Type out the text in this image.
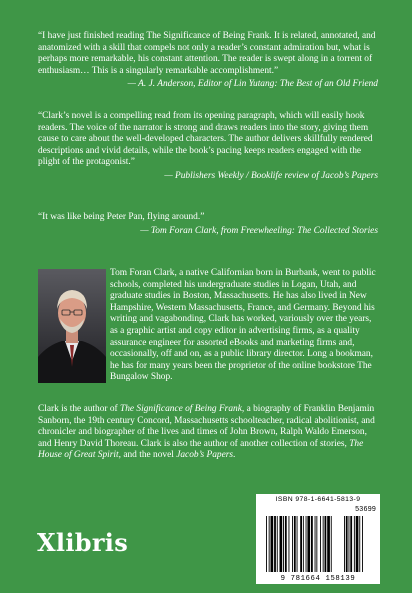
“I have just finished reading The Significance of Being Frank. It is related, annotated, and anatomized with a skill that compels not only a reader’s constant admiration but, what is perhaps more remarkable, his constant attention. The reader is swept along in a torrent of enthusiasm… This is a singularly remarkable accomplishment.”

— A. J. Anderson, Editor of Lin Yutang: The Best of an Old Friend

“Clark’s novel is a compelling read from its opening paragraph, which will easily hook readers. The voice of the narrator is strong and draws readers into the story, giving them cause to care about the well-developed characters. The author delivers skillfully rendered descriptions and vivid details, while the book’s pacing keeps readers engaged with the plight of the protagonist.”

— Publishers Weekly / Booklife review of Jacob’s Papers

“It was like being Peter Pan, flying around.”

— Tom Foran Clark, from Freewheeling: The Collected Stories

Tom Foran Clark, a native Californian born in Burbank, went to public schools, completed his undergraduate studies in Logan, Utah, and graduate studies in Boston, Massachusetts. He has also lived in New Hampshire, Western Massachusetts, France, and Germany. Beyond his writing and vagabonding, Clark has worked, variously over the years, as a graphic artist and copy editor in advertising firms, as a quality assurance engineer for assorted eBooks and marketing firms and, occasionally, off and on, as a public library director. Long a bookman, he has for many years been the proprietor of the online bookstore The Bungalow Shop.

Clark is the author of The Significance of Being Frank, a biography of Franklin Benjamin Sanborn, the 19th century Concord, Massachusetts schoolteacher, radical abolitionist, and chronicler and biographer of the lives and times of John Brown, Ralph Waldo Emerson, and Henry David Thoreau. Clark is also the author of another collection of stories, The House of Great Spirit, and the novel Jacob’s Papers.

Xlibris
ISBN 978-1-6641-5813-9
53699
9 781664 158139
